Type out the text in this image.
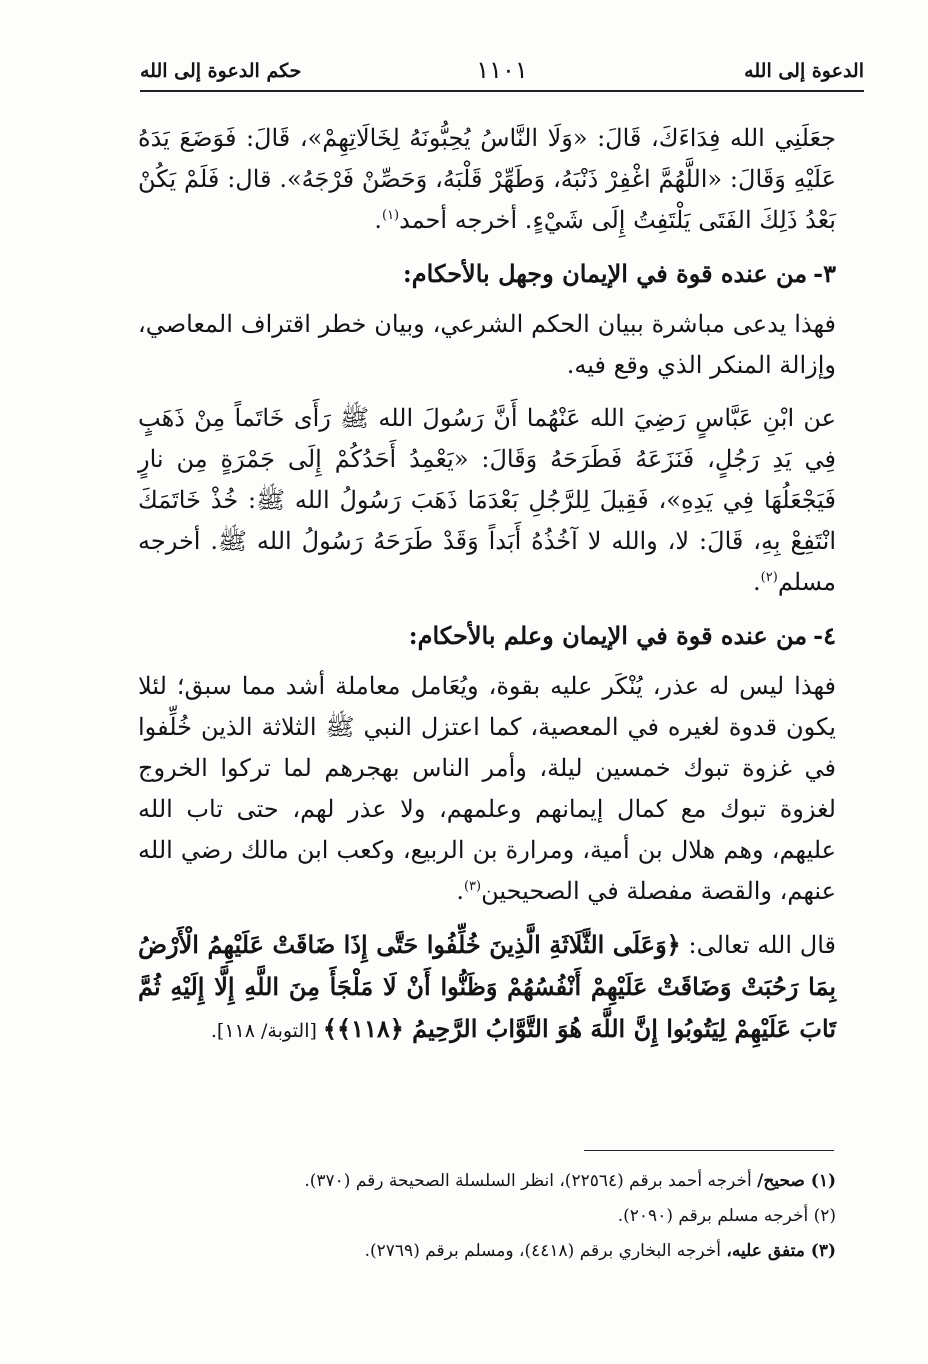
الدعوة إلى الله
١١٠١
حكم الدعوة إلى الله

جعَلَنِي الله فِدَاءَكَ، قَالَ: «وَلَا النَّاسُ يُحِبُّونَهُ لِخَالَاتِهِمْ»، قَالَ: فَوَضَعَ يَدَهُ عَلَيْهِ وَقَالَ: «اللَّهُمَّ اغْفِرْ ذَنْبَهُ، وَطَهِّرْ قَلْبَهُ، وَحَصِّنْ فَرْجَهُ». قال: فَلَمْ يَكُنْ بَعْدُ ذَلِكَ الفَتَى يَلْتَفِتُ إِلَى شَيْءٍ. أخرجه أحمد$^{(١)}$.

٣-من عنده قوة في الإيمان وجهل بالأحكام:

فهذا يدعى مباشرة ببيان الحكم الشرعي، وبيان خطر اقتراف المعاصي، وإزالة المنكر الذي وقع فيه.

عن ابْنِ عَبَّاسٍ رَضِيَ الله عَنْهُما أَنَّ رَسُولَ الله ﷺ رَأَى خَاتَماً مِنْ ذَهَبٍ فِي يَدِ رَجُلٍ، فَنَزَعَهُ فَطَرَحَهُ وَقَالَ: «يَعْمِدُ أَحَدُكُمْ إِلَى جَمْرَةٍ مِن نارٍ فَيَجْعَلُهَا فِي يَدِهِ»، فَقِيلَ لِلرَّجُلِ بَعْدَمَا ذَهَبَ رَسُولُ الله ﷺ: خُذْ خَاتَمَكَ انْتَفِعْ بِهِ، قَالَ: لا، والله لا آخُذُهُ أَبَداً وَقَدْ طَرَحَهُ رَسُولُ الله ﷺ. أخرجه مسلم$^{(٢)}$.

٤-من عنده قوة في الإيمان وعلم بالأحكام:

فهذا ليس له عذر، يُنْكَر عليه بقوة، ويُعَامل معاملة أشد مما سبق؛ لئلا يكون قدوة لغيره في المعصية، كما اعتزل النبي ﷺ الثلاثة الذين خُلِّفوا في غزوة تبوك خمسين ليلة، وأمر الناس بهجرهم لما تركوا الخروج لغزوة تبوك مع كمال إيمانهم وعلمهم، ولا عذر لهم، حتى تاب الله عليهم، وهم هلال بن أمية، ومرارة بن الربيع، وكعب ابن مالك رضي الله عنهم، والقصة مفصلة في الصحيحين$^{(٣)}$.

قال الله تعالى: ﴿وَعَلَى الثَّلَاثَةِ الَّذِينَ خُلِّفُوا حَتَّى إِذَا ضَاقَتْ عَلَيْهِمُ الْأَرْضُ بِمَا رَحُبَتْ وَضَاقَتْ عَلَيْهِمْ أَنْفُسُهُمْ وَظَنُّوا أَنْ لَا مَلْجَأَ مِنَ اللَّهِ إِلَّا إِلَيْهِ ثُمَّ تَابَ عَلَيْهِمْ لِيَتُوبُوا إِنَّ اللَّهَ هُوَ التَّوَّابُ الرَّحِيمُ ﴿١١٨﴾﴾ [التوبة/ ١١٨].

(١) صحيح/ أخرجه أحمد برقم (٢٢٥٦٤)، انظر السلسلة الصحيحة رقم (٣٧٠).
(٢) أخرجه مسلم برقم (٢٠٩٠).
(٣) متفق عليه، أخرجه البخاري برقم (٤٤١٨)، ومسلم برقم (٢٧٦٩).
